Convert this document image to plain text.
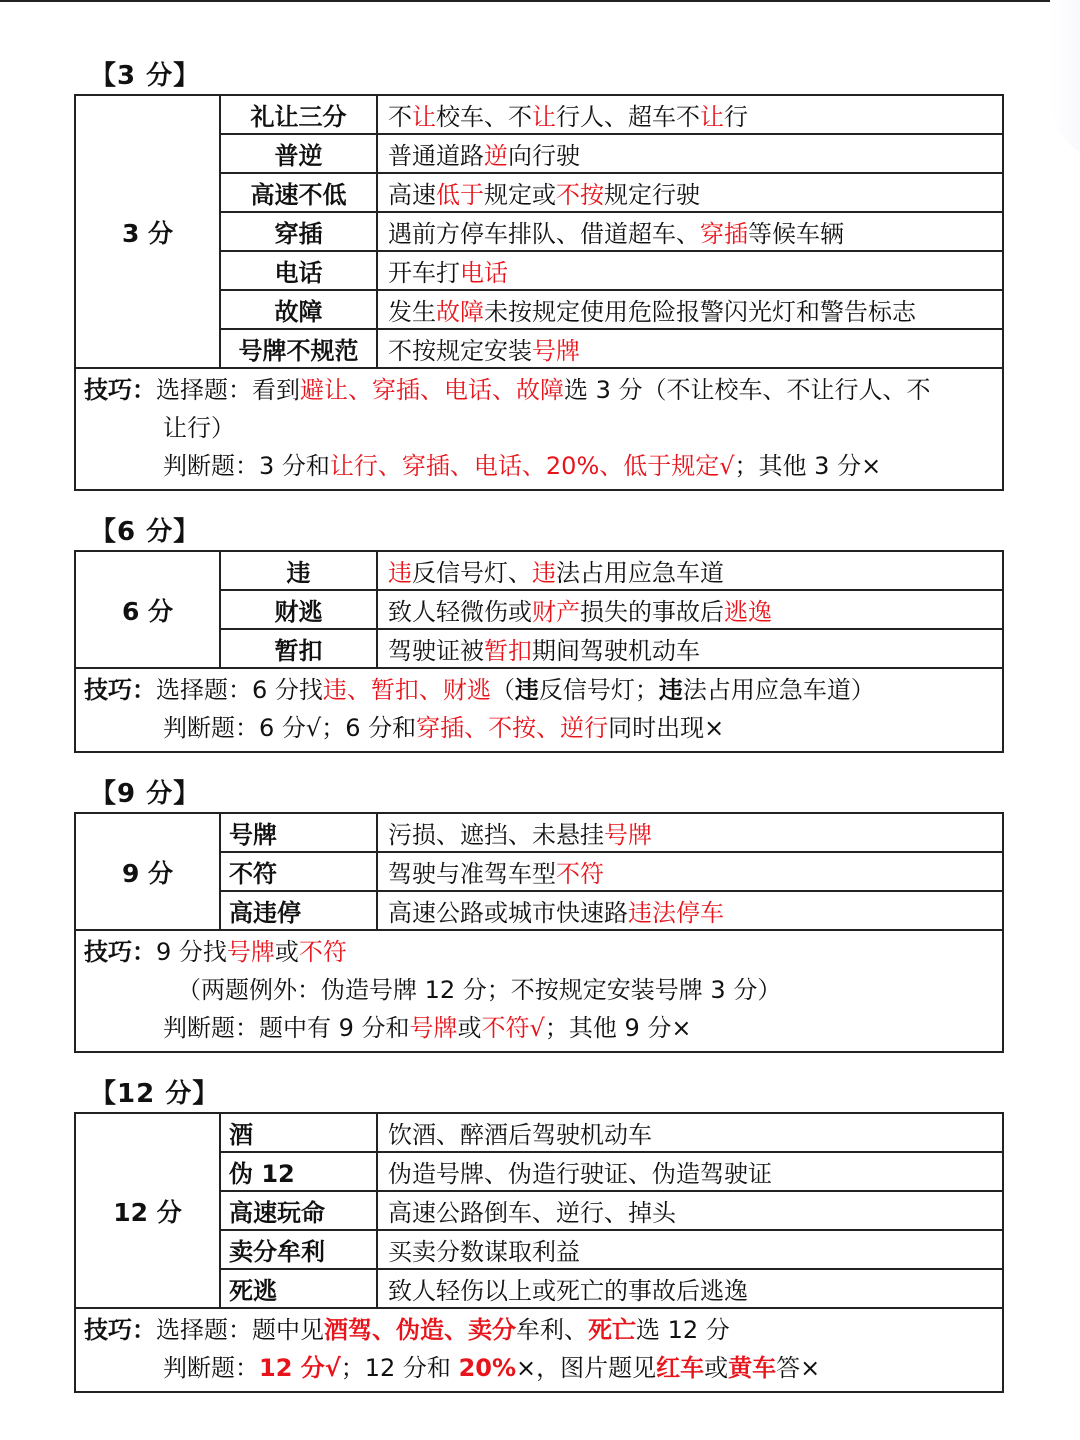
【3 分】
3 分
礼让三分	不 让 校车、不 让 行人、超车不 让 行
普逆	普通道路 逆 向行驶
高速不低	高速 低于 规定或 不按 规定行驶
穿插	遇前方停车排队、借道超车、 穿插 等候车辆
电话	开车打 电话
故障	发生 故障 未按规定使用危险报警闪光灯和警告标志
号牌不规范	不按规定安装 号牌
技巧：选择题：看到避让、穿插、电话、故障选 3 分（不让校车、不让行人、不
让行）
判断题：3 分和让行、穿插、电话、20%、低于规定√；其他 3 分×
【6 分】
6 分
违	违 反信号灯、 违 法占用应急车道
财逃	致人轻微伤或 财产 损失的事故后 逃逸
暂扣	驾驶证被 暂扣 期间驾驶机动车
技巧：选择题：6 分找违、暂扣、财逃（违反信号灯；违法占用应急车道）
判断题：6 分√；6 分和穿插、不按、逆行同时出现×
【9 分】
9 分
号牌	污损、遮挡、未悬挂 号牌
不符	驾驶与准驾车型 不符
高违停	高速公路或城市快速路 违法停车
技巧：9 分找号牌或不符
（两题例外：伪造号牌 12 分；不按规定安装号牌 3 分）
判断题：题中有 9 分和号牌或不符√；其他 9 分×
【12 分】
12 分
酒	饮酒、醉酒后驾驶机动车
伪 12	伪造号牌、伪造行驶证、伪造驾驶证
高速玩命	高速公路倒车、逆行、掉头
卖分牟利	买卖分数谋取利益
死逃	致人轻伤以上或死亡的事故后逃逸
技巧：选择题：题中见酒驾、伪造、卖分牟利、死亡选 12 分
判断题：12 分√；12 分和 20%×，图片题见红车或黄车答×
